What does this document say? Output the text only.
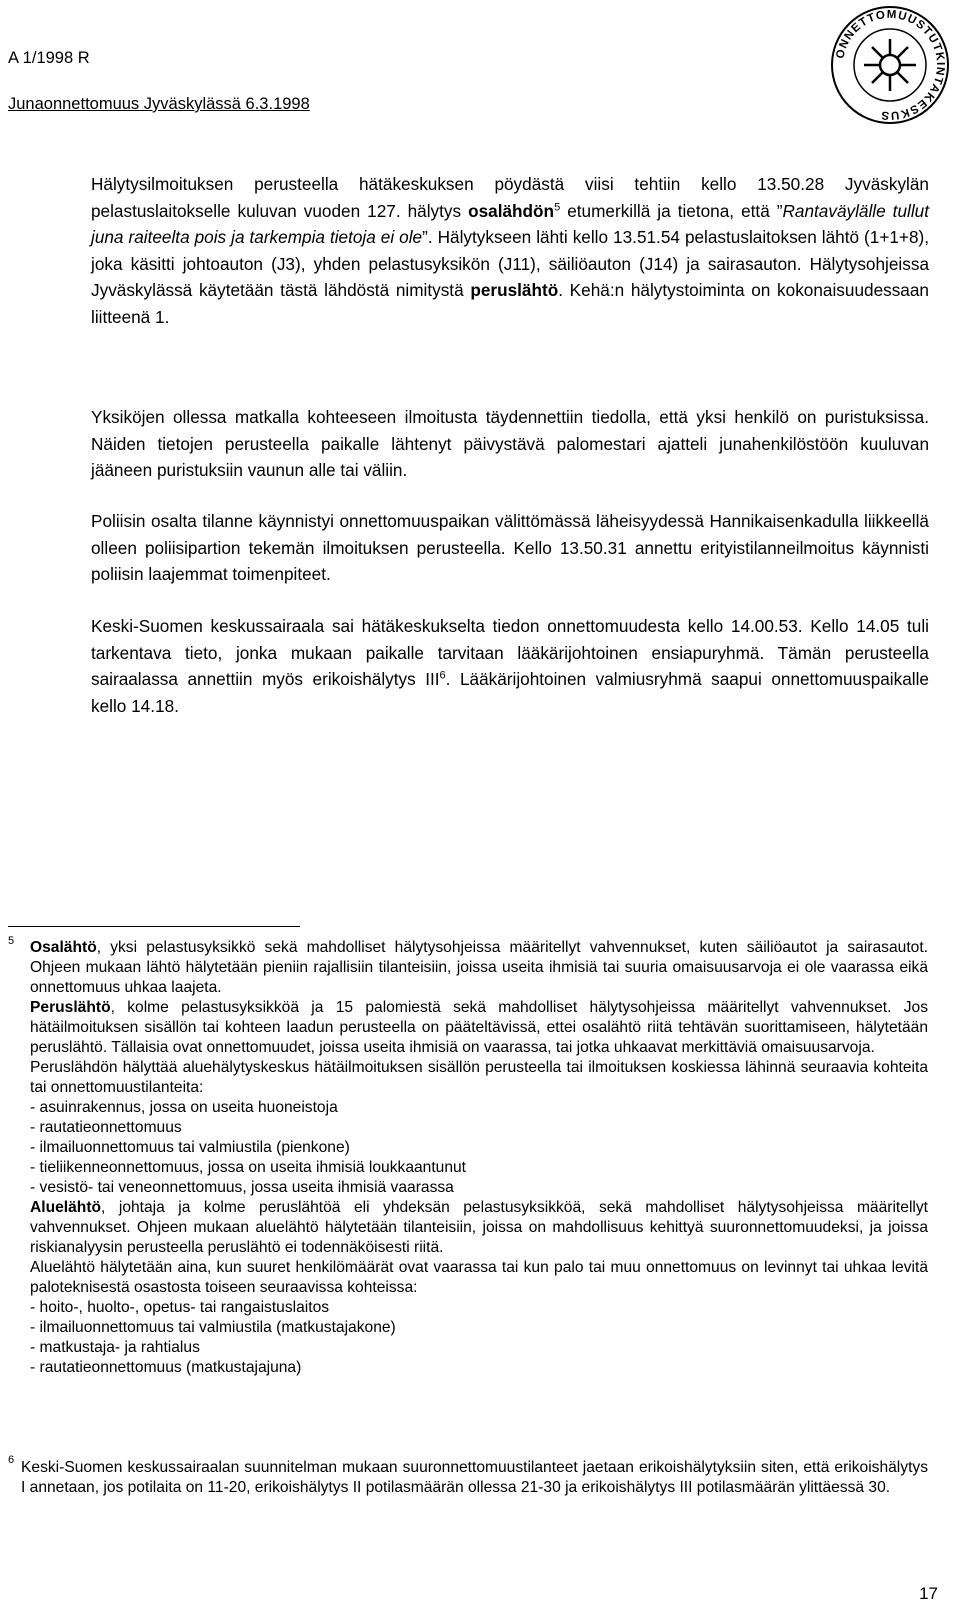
A 1/1998 R
Junaonnettomuus Jyväskylässä 6.3.1998
ONNETTOMUUSTUTKINTAKESKUS

Hälytysilmoituksen perusteella hätäkeskuksen pöydästä viisi tehtiin kello 13.50.28 Jyväskylän pelastuslaitokselle kuluvan vuoden 127. hälytys osalähdön$^5$ etumerkillä ja tietona, että ”Rantaväylälle tullut juna raiteelta pois ja tarkempia tietoja ei ole”. Hälytykseen lähti kello 13.51.54 pelastuslaitoksen lähtö (1+1+8), joka käsitti johtoauton (J3), yhden pelastusyksikön (J11), säiliöauton (J14) ja sairasauton. Hälytysohjeissa Jyväskylässä käytetään tästä lähdöstä nimitystä peruslähtö. Kehä:n hälytystoiminta on kokonaisuudessaan liitteenä 1.

Yksiköjen ollessa matkalla kohteeseen ilmoitusta täydennettiin tiedolla, että yksi henkilö on puristuksissa. Näiden tietojen perusteella paikalle lähtenyt päivystävä palomestari ajatteli junahenkilöstöön kuuluvan jääneen puristuksiin vaunun alle tai väliin.

Poliisin osalta tilanne käynnistyi onnettomuuspaikan välittömässä läheisyydessä Hannikaisenkadulla liikkeellä olleen poliisipartion tekemän ilmoituksen perusteella. Kello 13.50.31 annettu erityistilanneilmoitus käynnisti poliisin laajemmat toimenpiteet.

Keski-Suomen keskussairaala sai hätäkeskukselta tiedon onnettomuudesta kello 14.00.53. Kello 14.05 tuli tarkentava tieto, jonka mukaan paikalle tarvitaan lääkärijohtoinen ensiapuryhmä. Tämän perusteella sairaalassa annettiin myös erikoishälytys III$^6$. Lääkärijohtoinen valmiusryhmä saapui onnettomuuspaikalle kello 14.18.

5 Osalähtö, yksi pelastusyksikkö sekä mahdolliset hälytysohjeissa määritellyt vahvennukset, kuten säiliöautot ja sairasautot. Ohjeen mukaan lähtö hälytetään pieniin rajallisiin tilanteisiin, joissa useita ihmisiä tai suuria omaisuusarvoja ei ole vaarassa eikä onnettomuus uhkaa laajeta.

Peruslähtö, kolme pelastusyksikköä ja 15 palomiestä sekä mahdolliset hälytysohjeissa määritellyt vahvennukset. Jos hätäilmoituksen sisällön tai kohteen laadun perusteella on pääteltävissä, ettei osalähtö riitä tehtävän suorittamiseen, hälytetään peruslähtö. Tällaisia ovat onnettomuudet, joissa useita ihmisiä on vaarassa, tai jotka uhkaavat merkittäviä omaisuusarvoja.

Peruslähdön hälyttää aluehälytyskeskus hätäilmoituksen sisällön perusteella tai ilmoituksen koskiessa lähinnä seuraavia kohteita tai onnettomuustilanteita:

- asuinrakennus, jossa on useita huoneistoja
- rautatieonnettomuus
- ilmailuonnettomuus tai valmiustila (pienkone)
- tieliikenneonnettomuus, jossa on useita ihmisiä loukkaantunut
- vesistö- tai veneonnettomuus, jossa useita ihmisiä vaarassa

Aluelähtö, johtaja ja kolme peruslähtöä eli yhdeksän pelastusyksikköä, sekä mahdolliset hälytysohjeissa määritellyt vahvennukset. Ohjeen mukaan aluelähtö hälytetään tilanteisiin, joissa on mahdollisuus kehittyä suuronnettomuudeksi, ja joissa riskianalyysin perusteella peruslähtö ei todennäköisesti riitä.

Aluelähtö hälytetään aina, kun suuret henkilömäärät ovat vaarassa tai kun palo tai muu onnettomuus on levinnyt tai uhkaa levitä paloteknisestä osastosta toiseen seuraavissa kohteissa:

- hoito-, huolto-, opetus- tai rangaistuslaitos
- ilmailuonnettomuus tai valmiustila (matkustajakone)
- matkustaja- ja rahtialus
- rautatieonnettomuus (matkustajajuna)

6 Keski-Suomen keskussairaalan suunnitelman mukaan suuronnettomuustilanteet jaetaan erikoishälytyksiin siten, että erikoishälytys I annetaan, jos potilaita on 11-20, erikoishälytys II potilasmäärän ollessa 21-30 ja erikoishälytys III potilasmäärän ylittäessä 30.

17
